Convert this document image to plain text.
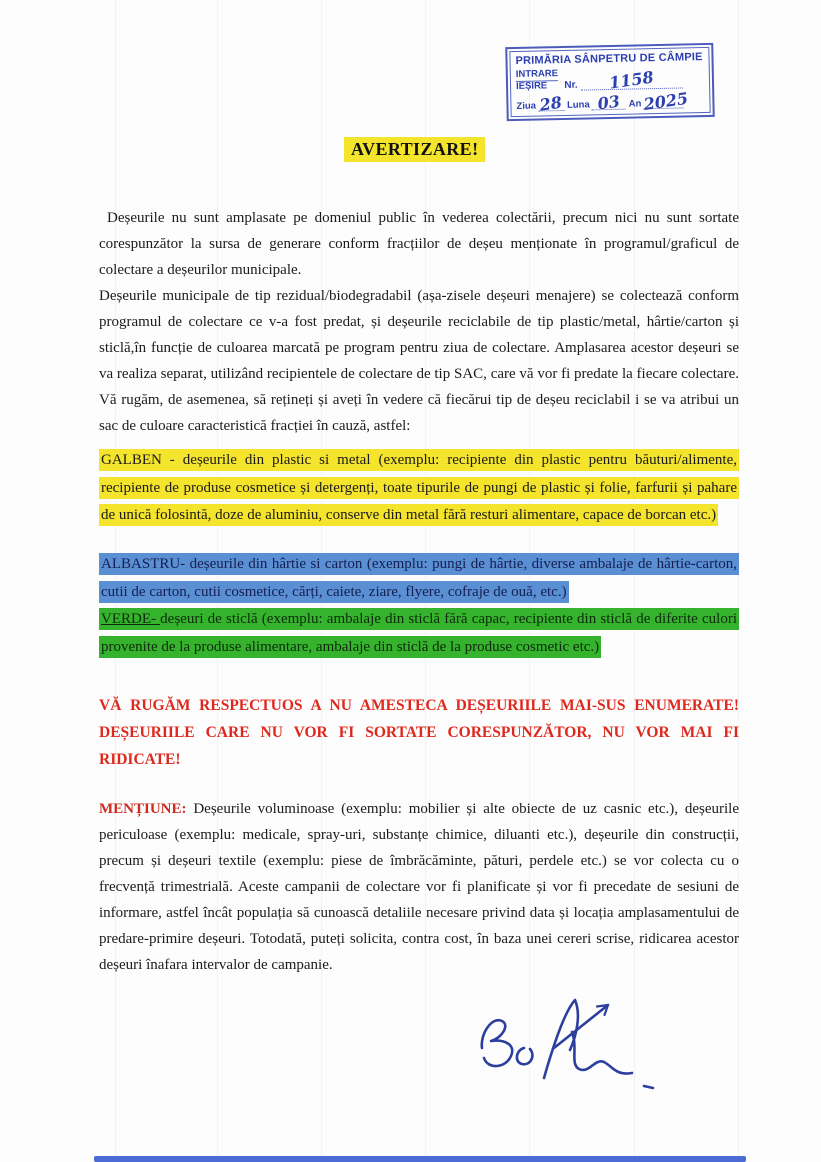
PRIMĂRIA SÂNPETRU DE CÂMPIE
INTRARE
IEȘIRE	Nr.	1158
Ziua 28 Luna 03 An 2025
AVERTIZARE!

Deșeurile nu sunt amplasate pe domeniul public în vederea colectării, precum nici nu sunt sortate corespunzător la sursa de generare conform fracțiilor de deșeu menționate în programul/graficul de colectare a deșeurilor municipale.

Deșeurile municipale de tip rezidual/biodegradabil (așa-zisele deșeuri menajere) se colectează conform programul de colectare ce v-a fost predat, și deșeurile reciclabile de tip plastic/metal, hârtie/carton și sticlă,în funcție de culoarea marcată pe program pentru ziua de colectare. Amplasarea acestor deșeuri se va realiza separat, utilizând recipientele de colectare de tip SAC, care vă vor fi predate la fiecare colectare. Vă rugăm, de asemenea, să rețineți și aveți în vedere că fiecărui tip de deșeu reciclabil i se va atribui un sac de culoare caracteristică fracției în cauză, astfel:

GALBEN - deșeurile din plastic si metal (exemplu: recipiente din plastic pentru băuturi/alimente, recipiente de produse cosmetice și detergenți, toate tipurile de pungi de plastic și folie, farfurii și pahare de unică folosintă, doze de aluminiu, conserve din metal fără resturi alimentare, capace de borcan etc.)
ALBASTRU- deșeurile din hârtie si carton (exemplu: pungi de hârtie, diverse ambalaje de hârtie-carton, cutii de carton, cutii cosmetice, cărți, caiete, ziare, flyere, cofraje de ouă, etc.)
VERDE- deșeuri de sticlă (exemplu: ambalaje din sticlă fără capac, recipiente din sticlă de diferite culori provenite de la produse alimentare, ambalaje din sticlă de la produse cosmetic etc.)

VĂ RUGĂM RESPECTUOS A NU AMESTECA DEȘEURIILE MAI-SUS ENUMERATE! DEȘEURIILE CARE NU VOR FI SORTATE CORESPUNZĂTOR, NU VOR MAI FI RIDICATE!

MENȚIUNE: Deșeurile voluminoase (exemplu: mobilier și alte obiecte de uz casnic etc.), deșeurile periculoase (exemplu: medicale, spray-uri, substanțe chimice, diluanti etc.), deșeurile din construcții, precum și deșeuri textile (exemplu: piese de îmbrăcăminte, pături, perdele etc.) se vor colecta cu o frecvență trimestrială. Aceste campanii de colectare vor fi planificate și vor fi precedate de sesiuni de informare, astfel încât populația să cunoască detaliile necesare privind data și locația amplasamentului de predare-primire deșeuri. Totodată, puteți solicita, contra cost, în baza unei cereri scrise, ridicarea acestor deșeuri înafara intervalor de campanie.
